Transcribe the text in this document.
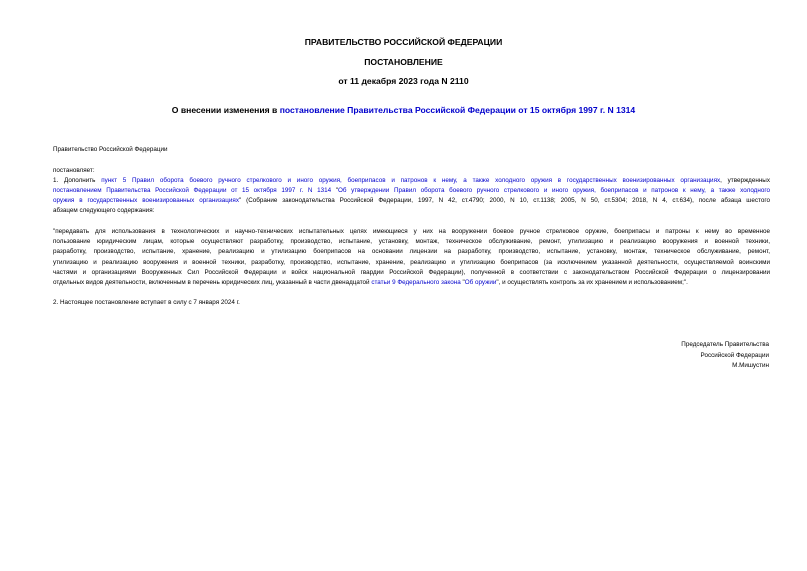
ПРАВИТЕЛЬСТВО РОССИЙСКОЙ ФЕДЕРАЦИИ
ПОСТАНОВЛЕНИЕ
от 11 декабря 2023 года N 2110
О внесении изменения в постановление Правительства Российской Федерации от 15 октября 1997 г. N 1314
Правительство Российской Федерации
постановляет:
1. Дополнить пункт 5 Правил оборота боевого ручного стрелкового и иного оружия, боеприпасов и патронов к нему, а также холодного оружия в государственных военизированных организациях, утвержденных
постановлением Правительства Российской Федерации от 15 октября 1997 г. N 1314 "Об утверждении Правил оборота боевого ручного стрелкового и иного оружия, боеприпасов и патронов к нему, а также холодного
оружия в государственных военизированных организациях" (Собрание законодательства Российской Федерации, 1997, N 42, ст.4790; 2000, N 10, ст.1138; 2005, N 50, ст.5304; 2018, N 4, ст.634), после абзаца шестого
абзацем следующего содержания:
"передавать для использования в технологических и научно-технических испытательных целях имеющиеся у них на вооружении боевое ручное стрелковое оружие, боеприпасы и патроны к нему во временное
пользование юридическим лицам, которые осуществляют разработку, производство, испытание, установку, монтаж, техническое обслуживание, ремонт, утилизацию и реализацию вооружения и военной техники,
разработку, производство, испытание, хранение, реализацию и утилизацию боеприпасов на основании лицензии на разработку, производство, испытание, установку, монтаж, техническое обслуживание, ремонт,
утилизацию и реализацию вооружения и военной техники, разработку, производство, испытание, хранение, реализацию и утилизацию боеприпасов (за исключением указанной деятельности, осуществляемой воинскими
частями и организациями Вооруженных Сил Российской Федерации и войск национальной гвардии Российской Федерации), полученной в соответствии с законодательством Российской Федерации о лицензировании
отдельных видов деятельности, включенным в перечень юридических лиц, указанный в части двенадцатой статьи 9 Федерального закона "Об оружии", и осуществлять контроль за их хранением и использованием;".
2. Настоящее постановление вступает в силу с 7 января 2024 г.
Председатель Правительства
Российской Федерации
М.Мишустин
